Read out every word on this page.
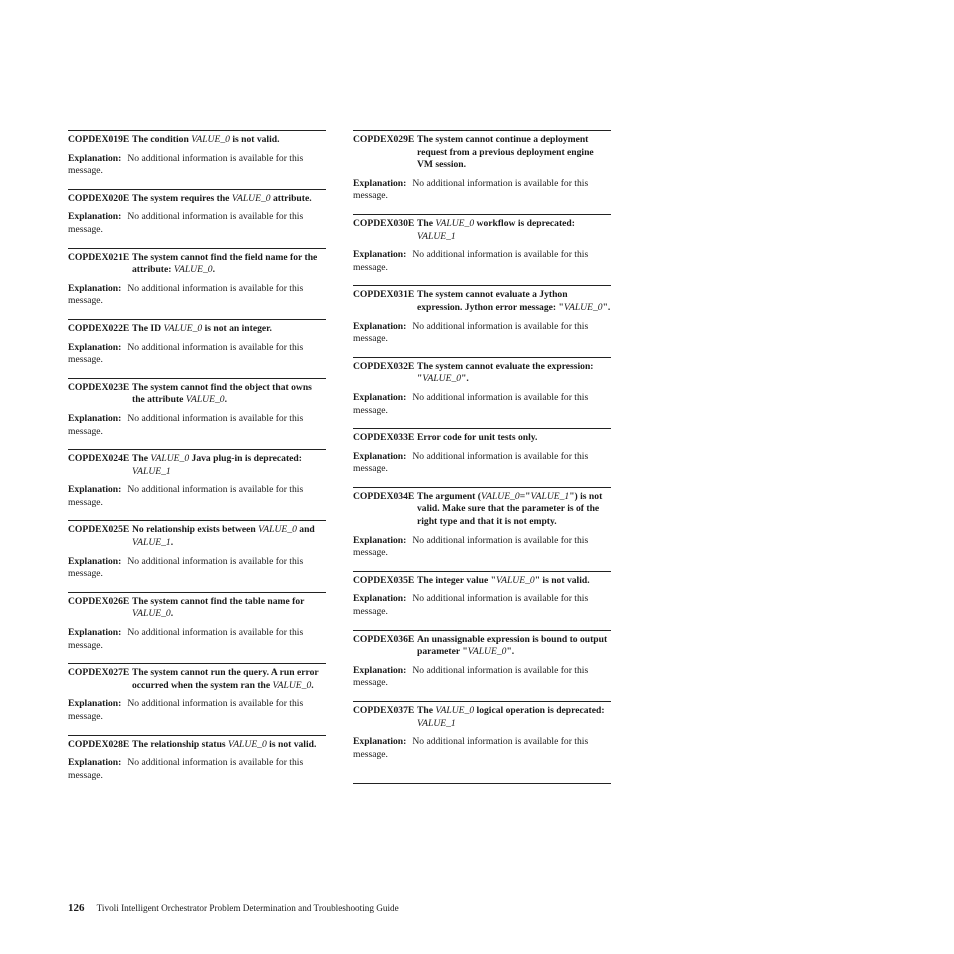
COPDEX019E The condition VALUE_0 is not valid.
Explanation: No additional information is available for this message.
COPDEX020E The system requires the VALUE_0 attribute.
Explanation: No additional information is available for this message.
COPDEX021E The system cannot find the field name for the attribute: VALUE_0.
Explanation: No additional information is available for this message.
COPDEX022E The ID VALUE_0 is not an integer.
Explanation: No additional information is available for this message.
COPDEX023E The system cannot find the object that owns the attribute VALUE_0.
Explanation: No additional information is available for this message.
COPDEX024E The VALUE_0 Java plug-in is deprecated: VALUE_1
Explanation: No additional information is available for this message.
COPDEX025E No relationship exists between VALUE_0 and VALUE_1.
Explanation: No additional information is available for this message.
COPDEX026E The system cannot find the table name for VALUE_0.
Explanation: No additional information is available for this message.
COPDEX027E The system cannot run the query. A run error occurred when the system ran the VALUE_0.
Explanation: No additional information is available for this message.
COPDEX028E The relationship status VALUE_0 is not valid.
Explanation: No additional information is available for this message.
COPDEX029E The system cannot continue a deployment request from a previous deployment engine VM session.
Explanation: No additional information is available for this message.
COPDEX030E The VALUE_0 workflow is deprecated: VALUE_1
Explanation: No additional information is available for this message.
COPDEX031E The system cannot evaluate a Jython expression. Jython error message: "VALUE_0".
Explanation: No additional information is available for this message.
COPDEX032E The system cannot evaluate the expression: "VALUE_0".
Explanation: No additional information is available for this message.
COPDEX033E Error code for unit tests only.
Explanation: No additional information is available for this message.
COPDEX034E The argument (VALUE_0="VALUE_1") is not valid. Make sure that the parameter is of the right type and that it is not empty.
Explanation: No additional information is available for this message.
COPDEX035E The integer value "VALUE_0" is not valid.
Explanation: No additional information is available for this message.
COPDEX036E An unassignable expression is bound to output parameter "VALUE_0".
Explanation: No additional information is available for this message.
COPDEX037E The VALUE_0 logical operation is deprecated: VALUE_1
Explanation: No additional information is available for this message.
126 Tivoli Intelligent Orchestrator Problem Determination and Troubleshooting Guide
